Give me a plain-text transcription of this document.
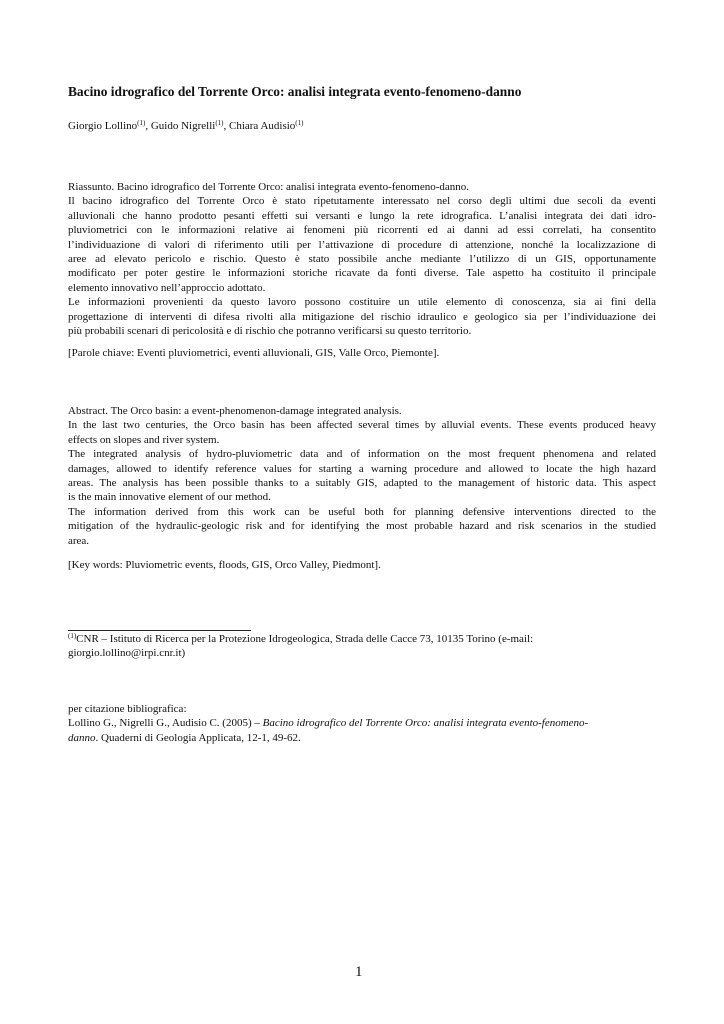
Bacino idrografico del Torrente Orco: analisi integrata evento-fenomeno-danno
Giorgio Lollino$^{(1)}$, Guido Nigrelli$^{(1)}$, Chiara Audisio$^{(1)}$
Riassunto. Bacino idrografico del Torrente Orco: analisi integrata evento-fenomeno-danno.
Il bacino idrografico del Torrente Orco è stato ripetutamente interessato nel corso degli ultimi due secoli da eventi
alluvionali che hanno prodotto pesanti effetti sui versanti e lungo la rete idrografica. L’analisi integrata dei dati idro-
pluviometrici con le informazioni relative ai fenomeni più ricorrenti ed ai danni ad essi correlati, ha consentito
l’individuazione di valori di riferimento utili per l’attivazione di procedure di attenzione, nonché la localizzazione di
aree ad elevato pericolo e rischio. Questo è stato possibile anche mediante l’utilizzo di un GIS, opportunamente
modificato per poter gestire le informazioni storiche ricavate da fonti diverse. Tale aspetto ha costituito il principale
elemento innovativo nell’approccio adottato.
Le informazioni provenienti da questo lavoro possono costituire un utile elemento di conoscenza, sia ai fini della
progettazione di interventi di difesa rivolti alla mitigazione del rischio idraulico e geologico sia per l’individuazione dei
più probabili scenari di pericolosità e di rischio che potranno verificarsi su questo territorio.
[Parole chiave: Eventi pluviometrici, eventi alluvionali, GIS, Valle Orco, Piemonte].
Abstract. The Orco basin: a event-phenomenon-damage integrated analysis.
In the last two centuries, the Orco basin has been affected several times by alluvial events. These events produced heavy
effects on slopes and river system.
The integrated analysis of hydro-pluviometric data and of information on the most frequent phenomena and related
damages, allowed to identify reference values for starting a warning procedure and allowed to locate the high hazard
areas. The analysis has been possible thanks to a suitably GIS, adapted to the management of historic data. This aspect
is the main innovative element of our method.
The information derived from this work can be useful both for planning defensive interventions directed to the
mitigation of the hydraulic-geologic risk and for identifying the most probable hazard and risk scenarios in the studied
area.
[Key words: Pluviometric events, floods, GIS, Orco Valley, Piedmont].
$^{(1)}$CNR – Istituto di Ricerca per la Protezione Idrogeologica, Strada delle Cacce 73, 10135 Torino (e-mail:
giorgio.lollino@irpi.cnr.it)
per citazione bibliografica:
Lollino G., Nigrelli G., Audisio C. (2005) – Bacino idrografico del Torrente Orco: analisi integrata evento-fenomeno-
danno. Quaderni di Geologia Applicata, 12-1, 49-62.
1
